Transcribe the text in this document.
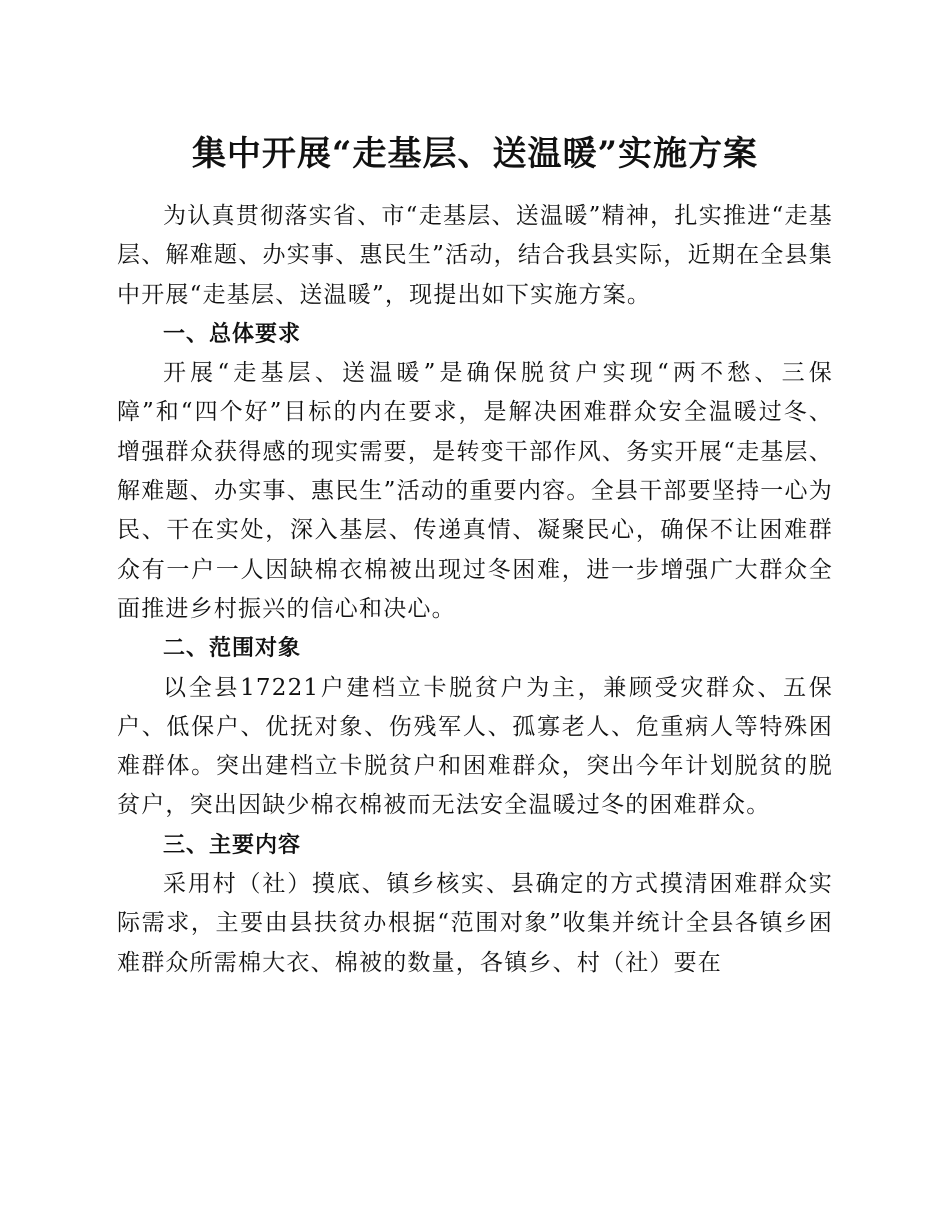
集中开展“走基层、送温暖”实施方案

为认真贯彻落实省、市“走基层、送温暖”精神，扎实推进“走基层、解难题、办实事、惠民生”活动，结合我县实际，近期在全县集中开展“走基层、送温暖”，现提出如下实施方案。

一、总体要求

开展“走基层、送温暖”是确保脱贫户实现“两不愁、三保障”和“四个好”目标的内在要求，是解决困难群众安全温暖过冬、增强群众获得感的现实需要，是转变干部作风、务实开展“走基层、解难题、办实事、惠民生”活动的重要内容。全县干部要坚持一心为民、干在实处，深入基层、传递真情、凝聚民心，确保不让困难群众有一户一人因缺棉衣棉被出现过冬困难，进一步增强广大群众全面推进乡村振兴的信心和决心。

二、范围对象

以全县17221户建档立卡脱贫户为主，兼顾受灾群众、五保户、低保户、优抚对象、伤残军人、孤寡老人、危重病人等特殊困难群体。突出建档立卡脱贫户和困难群众，突出今年计划脱贫的脱贫户，突出因缺少棉衣棉被而无法安全温暖过冬的困难群众。

三、主要内容

采用村（社）摸底、镇乡核实、县确定的方式摸清困难群众实际需求，主要由县扶贫办根据“范围对象”收集并统计全县各镇乡困难群众所需棉大衣、棉被的数量，各镇乡、村（社）要在
